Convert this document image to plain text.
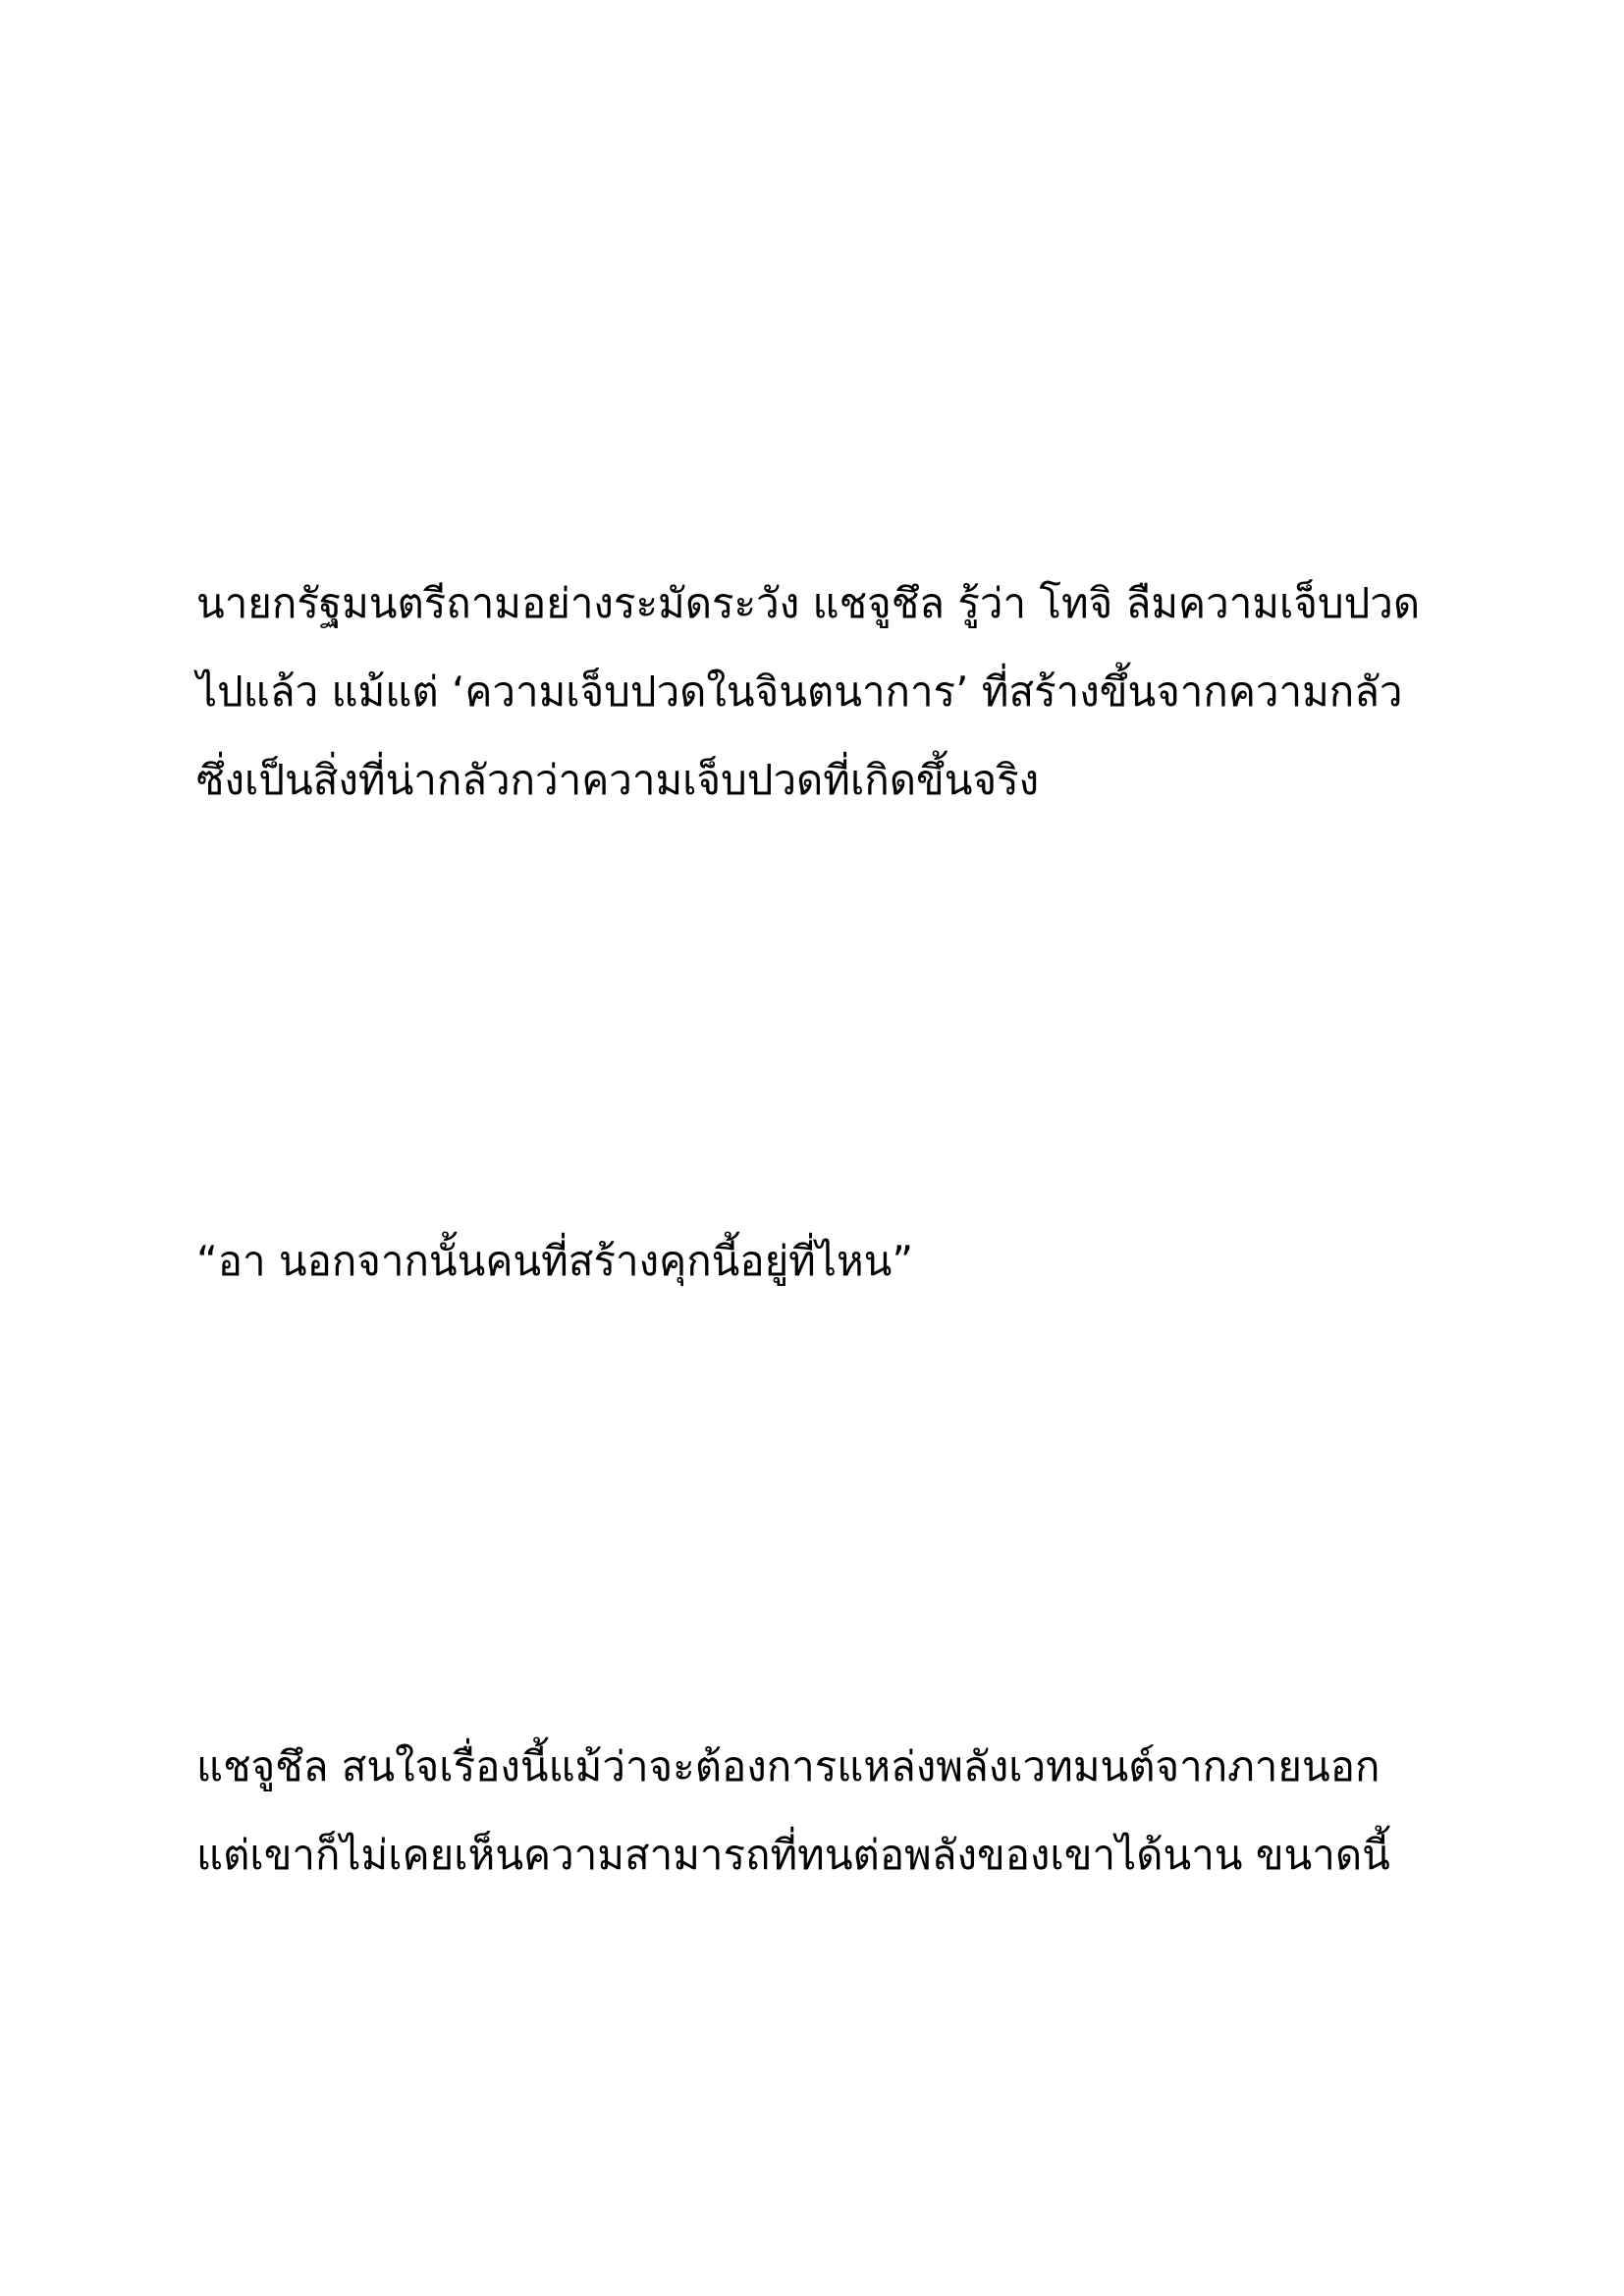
นายกรัฐมนตรีถามอย่างระมัดระวัง แชจูชึล รู้ว่า โทจิ ลืมความเจ็บปวด
ไปแล้ว แม้แต่ ‘ความเจ็บปวดในจินตนาการ’ ที่สร้างขึ้นจากความกลัว
ซึ่งเป็นสิ่งที่น่ากลัวกว่าความเจ็บปวดที่เกิดขึ้นจริง
“อา นอกจากนั้นคนที่สร้างคุกนี้อยู่ที่ไหน”
แชจูชึล สนใจเรื่องนี้แม้ว่าจะต้องการแหล่งพลังเวทมนต์จากภายนอก
แต่เขาก็ไม่เคยเห็นความสามารถที่ทนต่อพลังของเขาได้นาน ขนาดนี้
